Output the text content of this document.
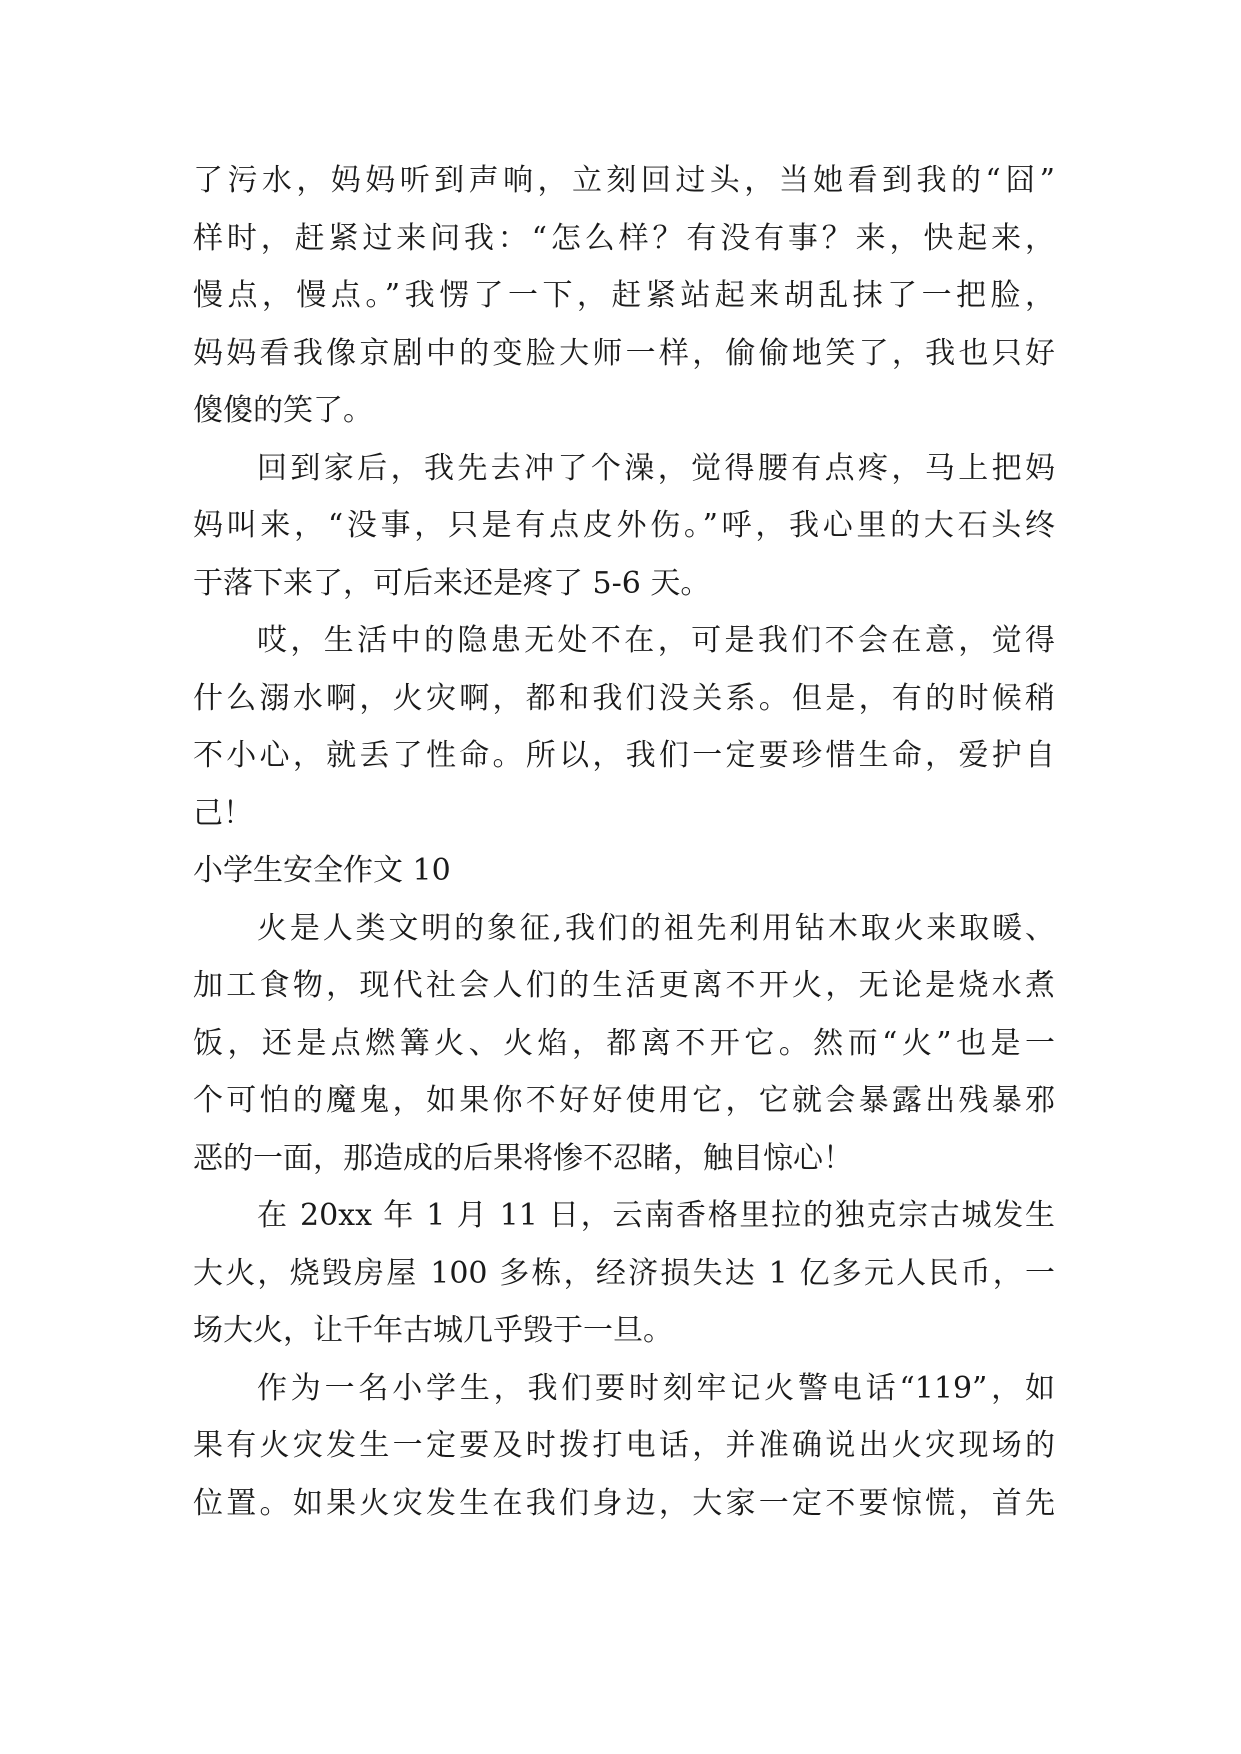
了污水，妈妈听到声响，立刻回过头，当她看到我的“囧”
样时，赶紧过来问我：“怎么样？有没有事？来，快起来，
慢点，慢点。”我愣了一下，赶紧站起来胡乱抹了一把脸，
妈妈看我像京剧中的变脸大师一样，偷偷地笑了，我也只好
傻傻的笑了。
回到家后，我先去冲了个澡，觉得腰有点疼，马上把妈
妈叫来，“没事，只是有点皮外伤。”呼，我心里的大石头终
于落下来了，可后来还是疼了 5-6 天。
哎，生活中的隐患无处不在，可是我们不会在意，觉得
什么溺水啊，火灾啊，都和我们没关系。但是，有的时候稍
不小心，就丢了性命。所以，我们一定要珍惜生命，爱护自
己！
小学生安全作文 10
火是人类文明的象征,我们的祖先利用钻木取火来取暖、
加工食物，现代社会人们的生活更离不开火，无论是烧水煮
饭，还是点燃篝火、火焰，都离不开它。然而“火”也是一
个可怕的魔鬼，如果你不好好使用它，它就会暴露出残暴邪
恶的一面，那造成的后果将惨不忍睹，触目惊心！
在 20xx 年 1 月 11 日，云南香格里拉的独克宗古城发生
大火，烧毁房屋 100 多栋，经济损失达 1 亿多元人民币，一
场大火，让千年古城几乎毁于一旦。
作为一名小学生，我们要时刻牢记火警电话“119”，如
果有火灾发生一定要及时拨打电话，并准确说出火灾现场的
位置。如果火灾发生在我们身边，大家一定不要惊慌，首先
